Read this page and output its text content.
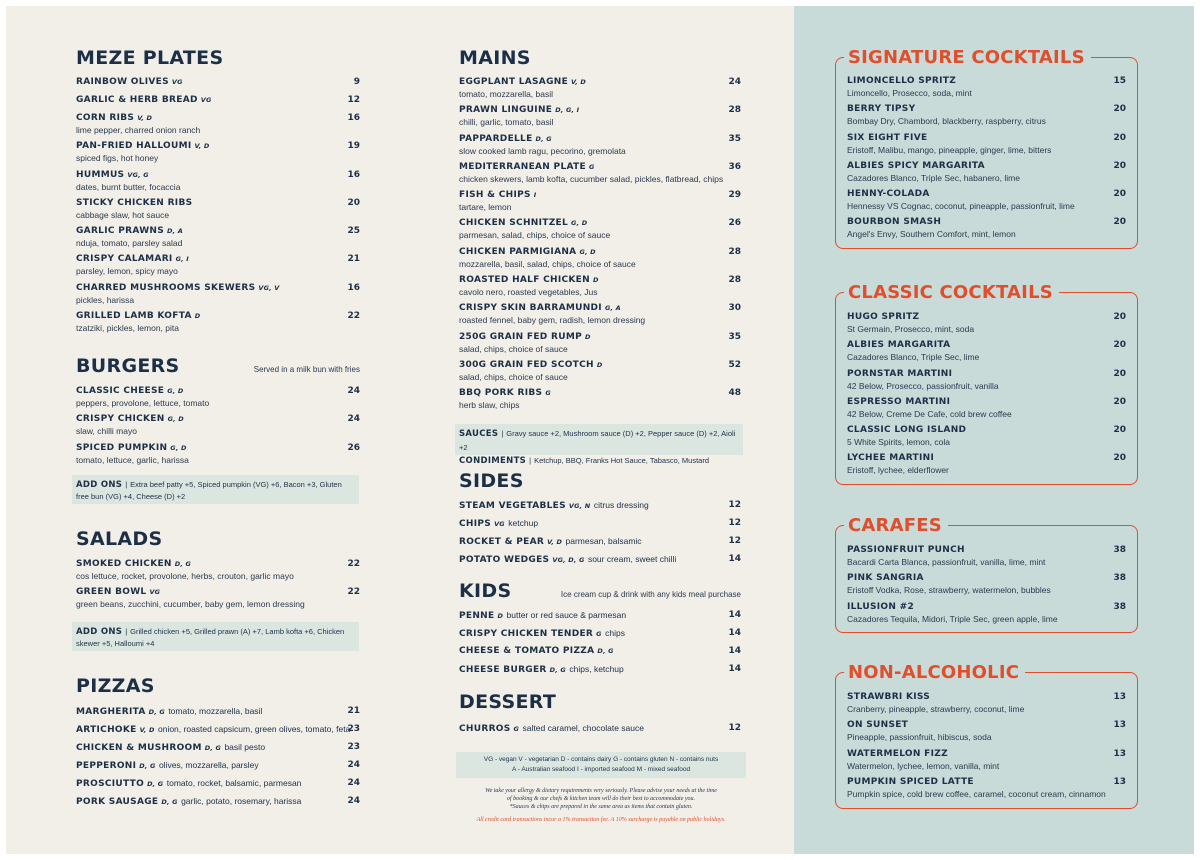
MEZE PLATES
RAINBOW OLIVES VG	9
GARLIC & HERB BREAD VG	12
CORN RIBS V, D
lime pepper, charred onion ranch
16
PAN-FRIED HALLOUMI V, D
spiced figs, hot honey
19
HUMMUS VG, G
dates, burnt butter, focaccia
16
STICKY CHICKEN RIBS
cabbage slaw, hot sauce
20
GARLIC PRAWNS D, A
nduja, tomato, parsley salad
25
CRISPY CALAMARI G, I
parsley, lemon, spicy mayo
21
CHARRED MUSHROOMS SKEWERS VG, V
pickles, harissa
16
GRILLED LAMB KOFTA D
tzatziki, pickles, lemon, pita
22
BURGERS	Served in a milk bun with fries
CLASSIC CHEESE G, D
peppers, provolone, lettuce, tomato
24
CRISPY CHICKEN G, D
slaw, chilli mayo
24
SPICED PUMPKIN G, D
tomato, lettuce, garlic, harissa
26
ADD ONS | Extra beef patty +5, Spiced pumpkin (VG) +6, Bacon +3, Gluten free bun (VG) +4, Cheese (D) +2
SALADS
SMOKED CHICKEN D, G
cos lettuce, rocket, provolone, herbs, crouton, garlic mayo
22
GREEN BOWL VG
green beans, zucchini, cucumber, baby gem, lemon dressing
22
ADD ONS | Grilled chicken +5, Grilled prawn (A) +7, Lamb kofta +6, Chicken skewer +5, Halloumi +4
PIZZAS
MARGHERITA D, G tomato, mozzarella, basil	21
ARTICHOKE V, D onion, roasted capsicum, green olives, tomato, feta
23
CHICKEN & MUSHROOM D, G basil pesto	23
PEPPERONI D, G olives, mozzarella, parsley	24
PROSCIUTTO D, G tomato, rocket, balsamic, parmesan	24
PORK SAUSAGE D, G garlic, potato, rosemary, harissa	24
MAINS
EGGPLANT LASAGNE V, D
tomato, mozzarella, basil
24
PRAWN LINGUINE D, G, I
chilli, garlic, tomato, basil
28
PAPPARDELLE D, G
slow cooked lamb ragu, pecorino, gremolata
35
MEDITERRANEAN PLATE G
chicken skewers, lamb kofta, cucumber salad, pickles, flatbread, chips
36
FISH & CHIPS I
tartare, lemon
29
CHICKEN SCHNITZEL G, D
parmesan, salad, chips, choice of sauce
26
CHICKEN PARMIGIANA G, D
mozzarella, basil, salad, chips, choice of sauce
28
ROASTED HALF CHICKEN D
cavolo nero, roasted vegetables, Jus
28
CRISPY SKIN BARRAMUNDI G, A
roasted fennel, baby gem, radish, lemon dressing
30
250G GRAIN FED RUMP D
salad, chips, choice of sauce
35
300G GRAIN FED SCOTCH D
salad, chips, choice of sauce
52
BBQ PORK RIBS G
herb slaw, chips
48
SAUCES | Gravy sauce +2, Mushroom sauce (D) +2, Pepper sauce (D) +2, Aioli +2
CONDIMENTS | Ketchup, BBQ, Franks Hot Sauce, Tabasco, Mustard
SIDES
STEAM VEGETABLES VG, N citrus dressing	12
CHIPS VG ketchup	12
ROCKET & PEAR V, D parmesan, balsamic	12
POTATO WEDGES VG, D, G sour cream, sweet chilli	14
KIDS	Ice cream cup & drink with any kids meal purchase
PENNE D butter or red sauce & parmesan	14
CRISPY CHICKEN TENDER G chips	14
CHEESE & TOMATO PIZZA D, G	14
CHEESE BURGER D, G chips, ketchup	14
DESSERT
CHURROS G salted caramel, chocolate sauce	12
VG - vegan V - vegetarian D - contains dairy G - contains gluten N - contains nuts
A - Australian seafood I - imported seafood M - mixed seafood
We take your allergy & dietary requirements very seriously. Please advise your needs at the time
of booking & our chefs & kitchen team will do their best to accommodate you.
*Sauces & chips are prepared in the same area as items that contain gluten.
All credit card transactions incur a 1% transaction fee. A 10% surcharge is payable on public holidays.
SIGNATURE COCKTAILS
LIMONCELLO SPRITZ
Limoncello, Prosecco, soda, mint
15
BERRY TIPSY
Bombay Dry, Chambord, blackberry, raspberry, citrus
20
SIX EIGHT FIVE
Eristoff, Malibu, mango, pineapple, ginger, lime, bitters
20
ALBIES SPICY MARGARITA
Cazadores Blanco, Triple Sec, habanero, lime
20
HENNY-COLADA
Hennessy VS Cognac, coconut, pineapple, passionfruit, lime
20
BOURBON SMASH
Angel's Envy, Southern Comfort, mint, lemon
20
CLASSIC COCKTAILS
HUGO SPRITZ
St Germain, Prosecco, mint, soda
20
ALBIES MARGARITA
Cazadores Blanco, Triple Sec, lime
20
PORNSTAR MARTINI
42 Below, Prosecco, passionfruit, vanilla
20
ESPRESSO MARTINI
42 Below, Creme De Cafe, cold brew coffee
20
CLASSIC LONG ISLAND
5 White Spirits, lemon, cola
20
LYCHEE MARTINI
Eristoff, lychee, elderflower
20
CARAFES
PASSIONFRUIT PUNCH
Bacardi Carta Blanca, passionfruit, vanilla, lime, mint
38
PINK SANGRIA
Eristoff Vodka, Rose, strawberry, watermelon, bubbles
38
ILLUSION #2
Cazadores Tequila, Midori, Triple Sec, green apple, lime
38
NON-ALCOHOLIC
STRAWBRI KISS
Cranberry, pineapple, strawberry, coconut, lime
13
ON SUNSET
Pineapple, passionfruit, hibiscus, soda
13
WATERMELON FIZZ
Watermelon, lychee, lemon, vanilla, mint
13
PUMPKIN SPICED LATTE
Pumpkin spice, cold brew coffee, caramel, coconut cream, cinnamon
13
